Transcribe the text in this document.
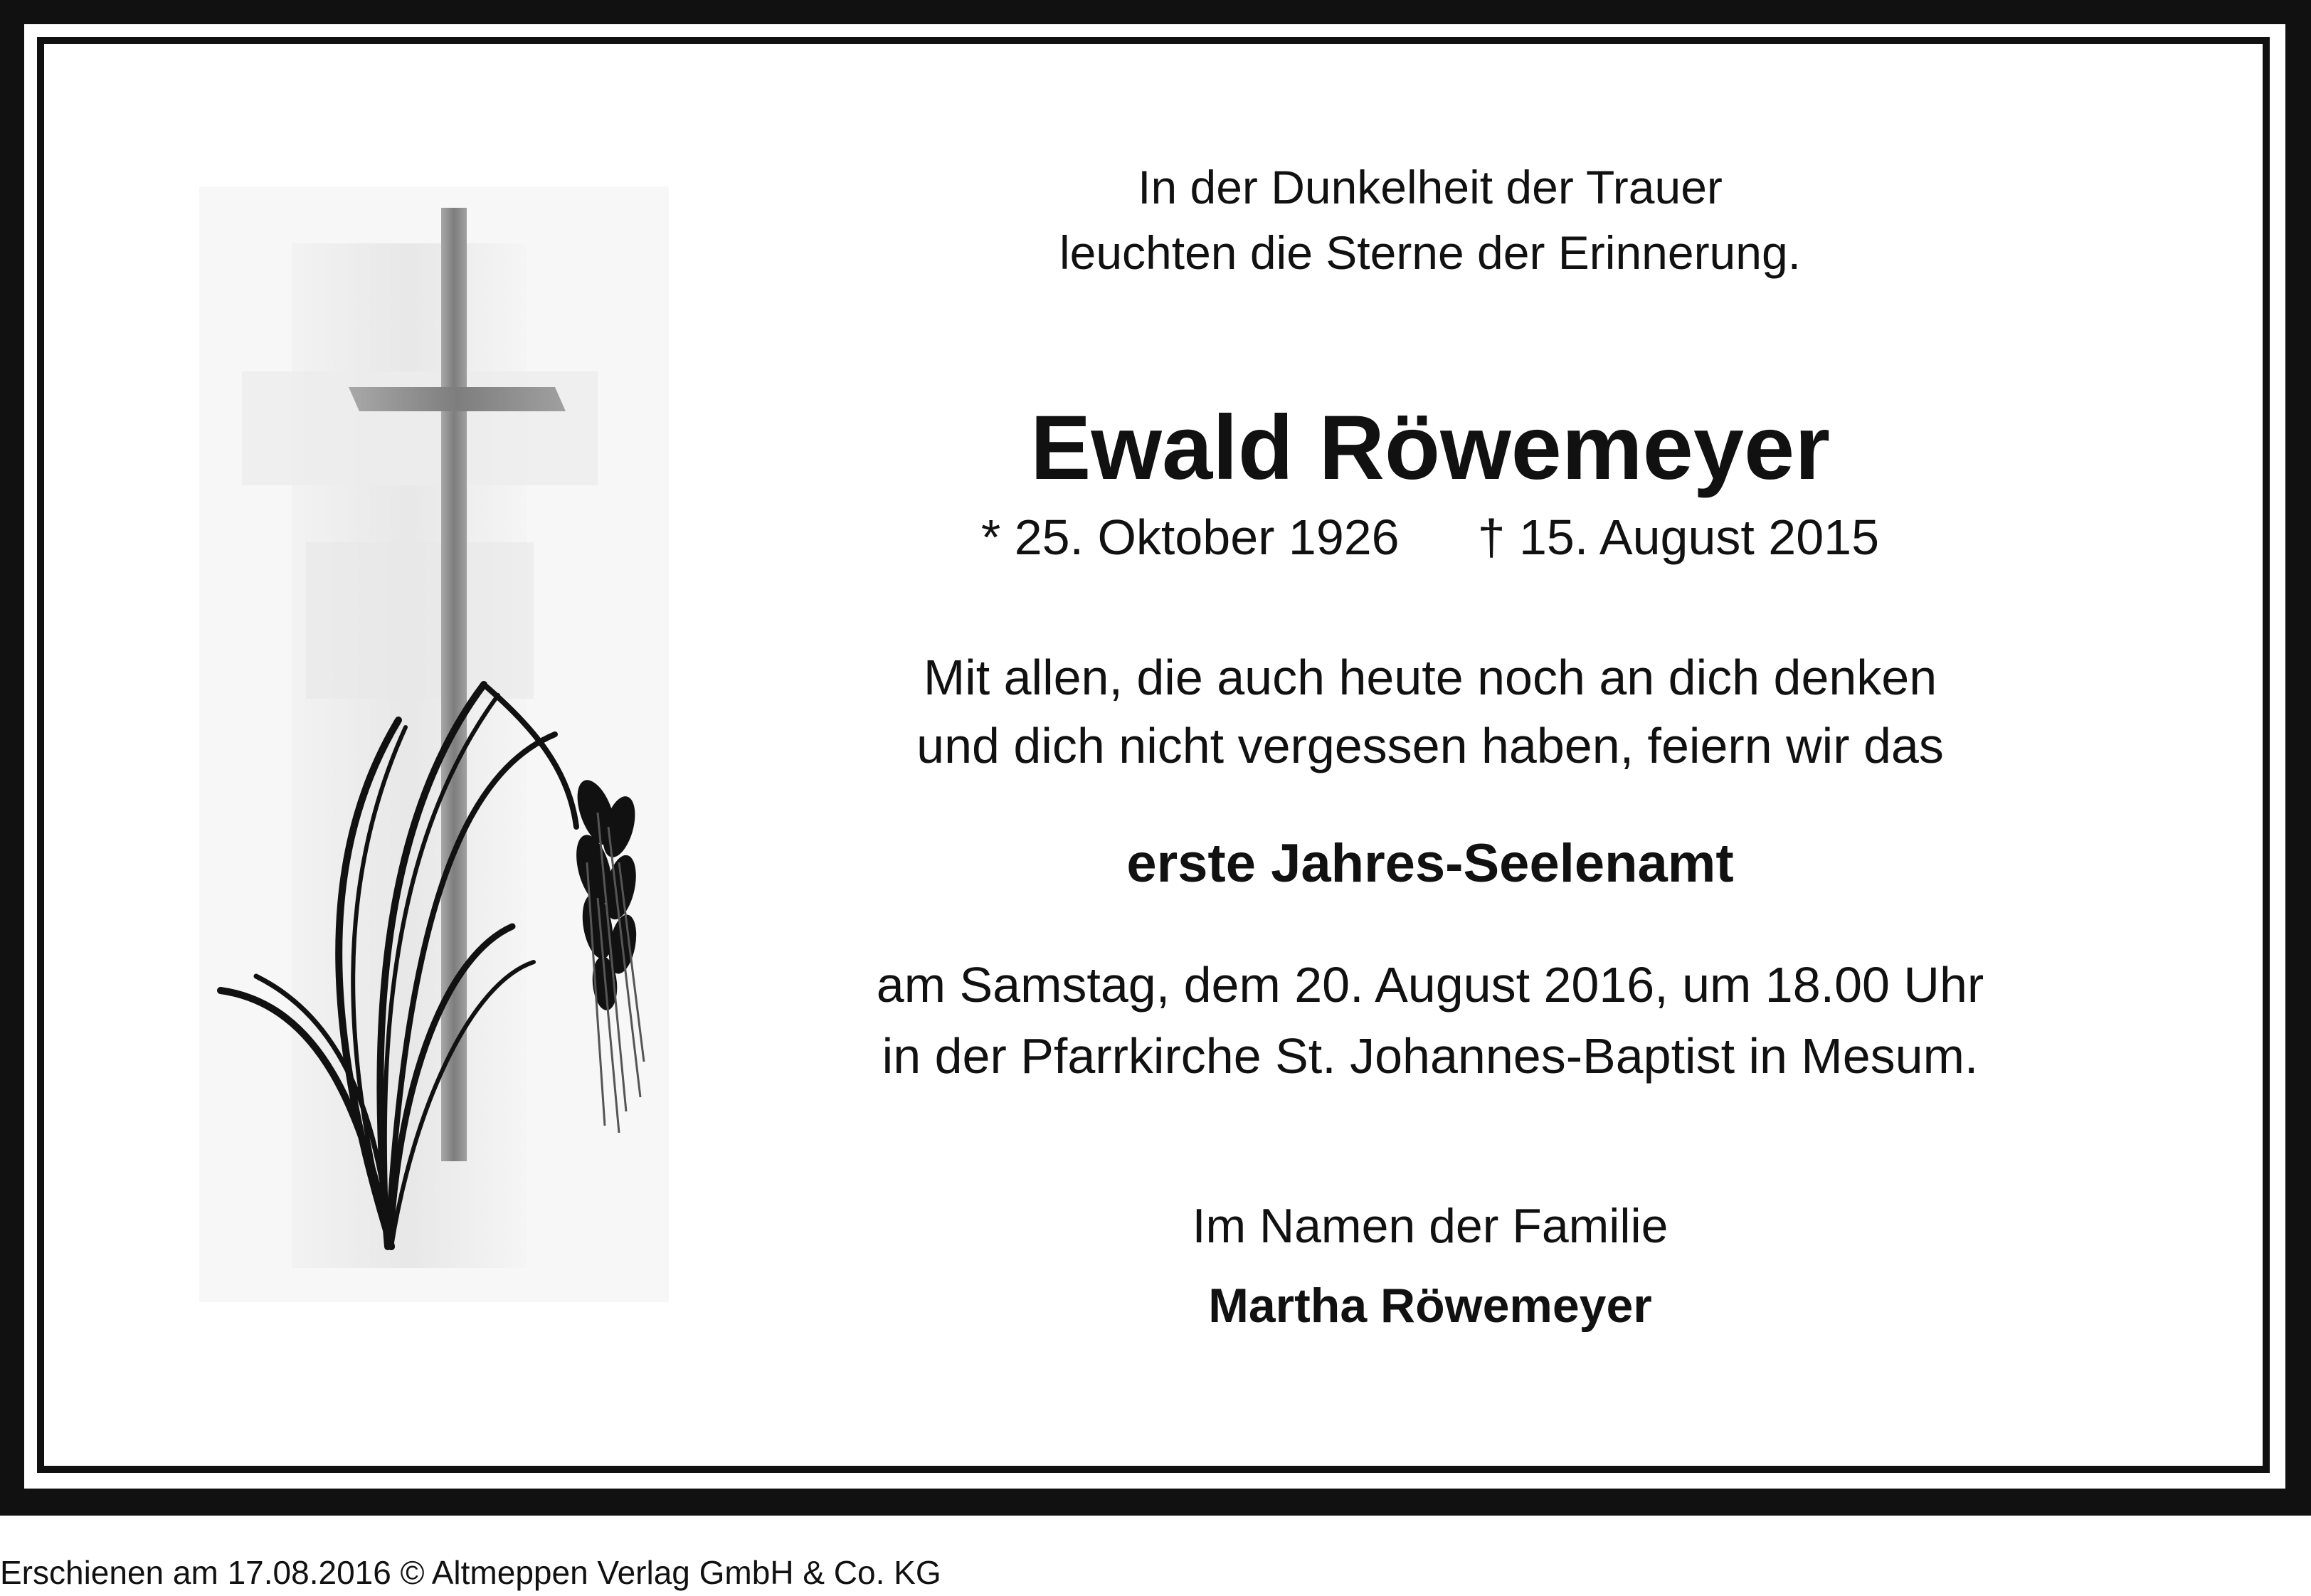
In der Dunkelheit der Trauer
leuchten die Sterne der Erinnerung.
Ewald Röwemeyer
* 25. Oktober 1926 † 15. August 2015
Mit allen, die auch heute noch an dich denken
und dich nicht vergessen haben, feiern wir das
erste Jahres-Seelenamt
am Samstag, dem 20. August 2016, um 18.00 Uhr
in der Pfarrkirche St. Johannes-Baptist in Mesum.
Im Namen der Familie
Martha Röwemeyer
Erschienen am 17.08.2016 © Altmeppen Verlag GmbH & Co. KG
